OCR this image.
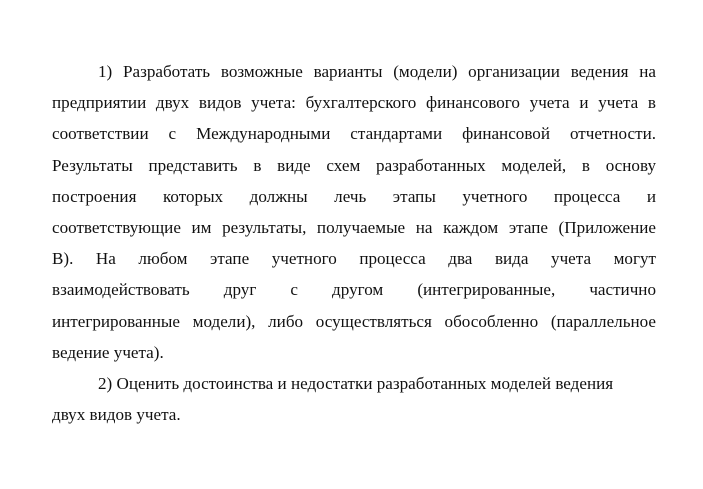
1) Разработать возможные варианты (модели) организации ведения на
предприятии двух видов учета: бухгалтерского финансового учета и учета в
соответствии с Международными стандартами финансовой отчетности.
Результаты представить в виде схем разработанных моделей, в основу
построения которых должны лечь этапы учетного процесса и
соответствующие им результаты, получаемые на каждом этапе (Приложение
В). На любом этапе учетного процесса два вида учета могут
взаимодействовать друг с другом (интегрированные, частично
интегрированные модели), либо осуществляться обособленно (параллельное
ведение учета).
2) Оценить достоинства и недостатки разработанных моделей ведения
двух видов учета.
